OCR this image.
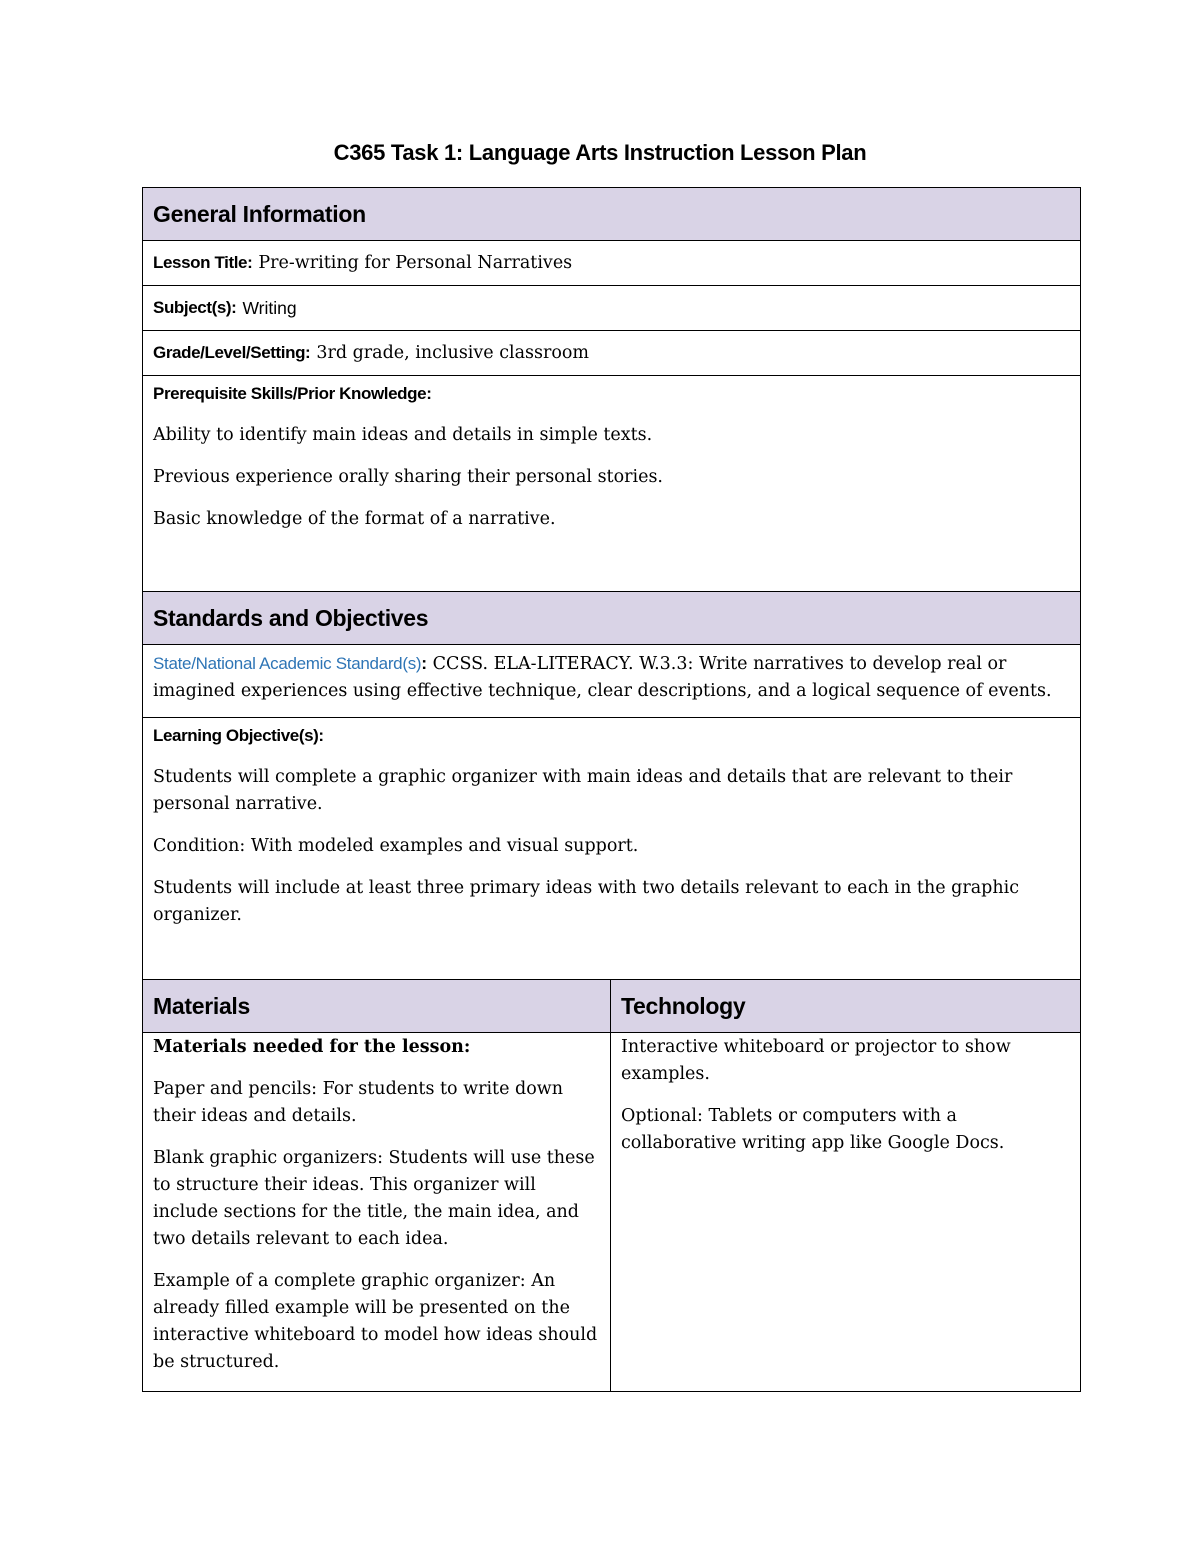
C365 Task 1: Language Arts Instruction Lesson Plan
General Information
Lesson Title: Pre-writing for Personal Narratives
Subject(s): Writing
Grade/Level/Setting: 3rd grade, inclusive classroom

Prerequisite Skills/Prior Knowledge:

Ability to identify main ideas and details in simple texts.

Previous experience orally sharing their personal stories.

Basic knowledge of the format of a narrative.

Standards and Objectives
State/National Academic Standard(s): CCSS. ELA-LITERACY. W.3.3: Write narratives to develop real or imagined experiences using effective technique, clear descriptions, and a logical sequence of events.

Learning Objective(s):

Students will complete a graphic organizer with main ideas and details that are relevant to their personal narrative.

Condition: With modeled examples and visual support.

Students will include at least three primary ideas with two details relevant to each in the graphic organizer.

Materials	Technology

Materials needed for the lesson:

Paper and pencils: For students to write down their ideas and details.

Blank graphic organizers: Students will use these to structure their ideas. This organizer will include sections for the title, the main idea, and two details relevant to each idea.

Example of a complete graphic organizer: An already filled example will be presented on the interactive whiteboard to model how ideas should be structured.

Interactive whiteboard or projector to show examples.

Optional: Tablets or computers with a collaborative writing app like Google Docs.
